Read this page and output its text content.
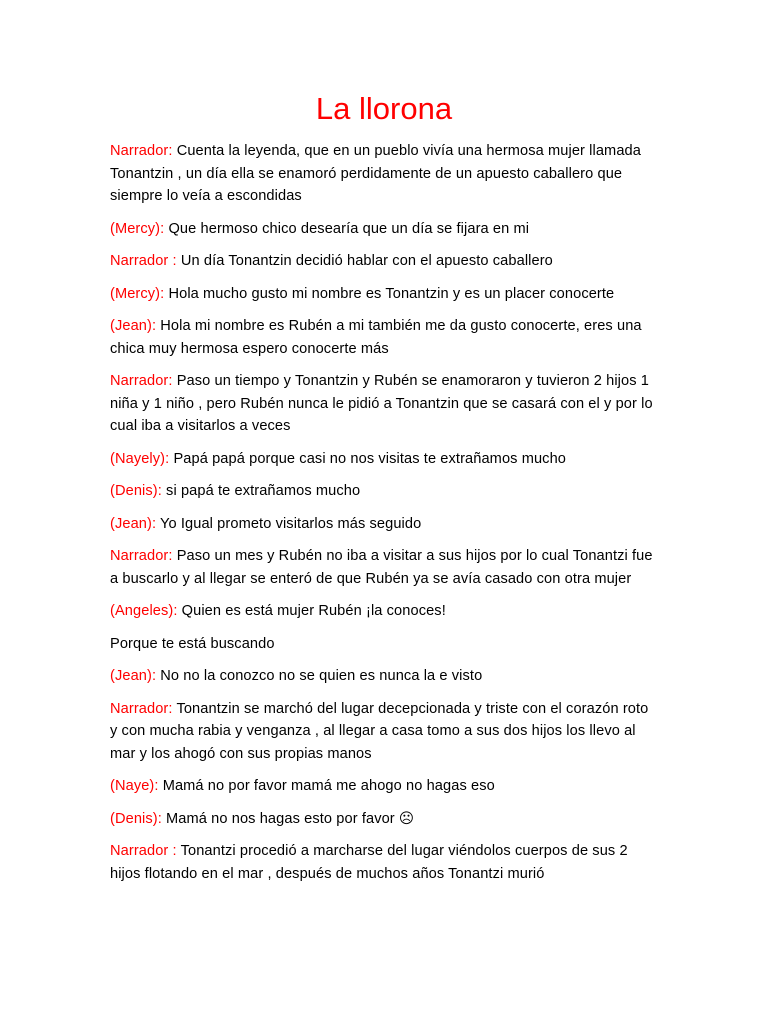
La llorona

Narrador: Cuenta la leyenda, que en un pueblo vivía una hermosa mujer llamada Tonantzin , un día ella se enamoró perdidamente de un apuesto caballero que siempre lo veía a escondidas

(Mercy): Que hermoso chico desearía que un día se fijara en mi

Narrador : Un día Tonantzin decidió hablar con el apuesto caballero

(Mercy): Hola mucho gusto mi nombre es Tonantzin y es un placer conocerte

(Jean): Hola mi nombre es Rubén a mi también me da gusto conocerte, eres una chica muy hermosa espero conocerte más

Narrador: Paso un tiempo y Tonantzin y Rubén se enamoraron y tuvieron 2 hijos 1 niña y 1 niño , pero Rubén nunca le pidió a Tonantzin que se casará con el y por lo cual iba a visitarlos a veces

(Nayely): Papá papá porque casi no nos visitas te extrañamos mucho

(Denis): si papá te extrañamos mucho

(Jean): Yo Igual prometo visitarlos más seguido

Narrador: Paso un mes y Rubén no iba a visitar a sus hijos por lo cual Tonantzi fue a buscarlo y al llegar se enteró de que Rubén ya se avía casado con otra mujer

(Angeles): Quien es está mujer Rubén ¡la conoces!

Porque te está buscando

(Jean): No no la conozco no se quien es nunca la e visto

Narrador: Tonantzin se marchó del lugar decepcionada y triste con el corazón roto y con mucha rabia y venganza , al llegar a casa tomo a sus dos hijos los llevo al mar y los ahogó con sus propias manos

(Naye): Mamá no por favor mamá me ahogo no hagas eso

(Denis): Mamá no nos hagas esto por favor ☹

Narrador : Tonantzi procedió a marcharse del lugar viéndolos cuerpos de sus 2 hijos flotando en el mar , después de muchos años Tonantzi murió
